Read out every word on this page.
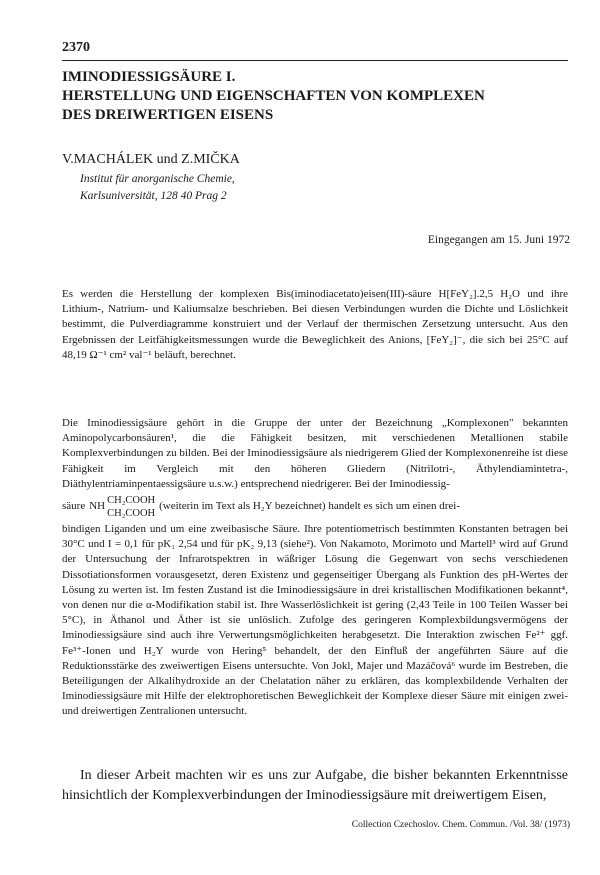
2370
IMINODIESSIGSÄURE I.
HERSTELLUNG UND EIGENSCHAFTEN VON KOMPLEXEN
DES DREIWERTIGEN EISENS
V.MACHÁLEK und Z.MIČKA
Institut für anorganische Chemie,
Karlsuniversität, 128 40 Prag 2
Eingegangen am 15. Juni 1972
Es werden die Herstellung der komplexen Bis(iminodiacetato)eisen(III)-säure H[FeY₂].2,5 H₂O und ihre Lithium-, Natrium- und Kaliumsalze beschrieben. Bei diesen Verbindungen wurden die Dichte und Löslichkeit bestimmt, die Pulverdiagramme konstruiert und der Verlauf der thermischen Zersetzung untersucht. Aus den Ergebnissen der Leitfähigkeitsmessungen wurde die Beweglichkeit des Anions, [FeY₂]⁻, die sich bei 25°C auf 48,19 Ω⁻¹ cm² val⁻¹ beläuft, berechnet.

Die Iminodiessigsäure gehört in die Gruppe der unter der Bezeichnung „Komplexonen" bekannten Aminopolycarbonsäuren¹, die die Fähigkeit besitzen, mit verschiedenen Metallionen stabile Komplexverbindungen zu bilden. Bei der Iminodiessigsäure als niedrigerem Glied der Komplexonenreihe ist diese Fähigkeit im Vergleich mit den höheren Gliedern (Nitrilotri-, Äthylendiamintetra-, Diäthylentriaminpentaessigsäure u.s.w.) entsprechend niedrigerer. Bei der Iminodiessig-

säure NH CH₂COOH
CH₂COOH
(weiterin im Text als H₂Y bezeichnet) handelt es sich um einen drei-

bindigen Liganden und um eine zweibasische Säure. Ihre potentiometrisch bestimmten Konstanten betragen bei 30°C und I = 0,1 für pK₁ 2,54 und für pK₂ 9,13 (siehe²). Von Nakamoto, Morimoto und Martell³ wird auf Grund der Untersuchung der Infrarotspektren in wäßriger Lösung die Gegenwart von sechs verschiedenen Dissotiationsformen vorausgesetzt, deren Existenz und gegenseitiger Übergang als Funktion des pH-Wertes der Lösung zu werten ist. Im festen Zustand ist die Iminodiessigsäure in drei kristallischen Modifikationen bekannt⁴, von denen nur die α-Modifikation stabil ist. Ihre Wasserlöslichkeit ist gering (2,43 Teile in 100 Teilen Wasser bei 5°C), in Äthanol und Äther ist sie unlöslich. Zufolge des geringeren Komplexbildungsvermögens der Iminodiessigsäure sind auch ihre Verwertungsmöglichkeiten herabgesetzt. Die Interaktion zwischen Fe²⁺ ggf. Fe³⁺-Ionen und H₂Y wurde von Hering⁵ behandelt, der den Einfluß der angeführten Säure auf die Reduktionsstärke des zweiwertigen Eisens untersuchte. Von Jokl, Majer und Mazáčová⁶ wurde im Bestreben, die Beteiligungen der Alkalihydroxide an der Chelatation näher zu erklären, das komplexbildende Verhalten der Iminodiessigsäure mit Hilfe der elektrophoretischen Beweglichkeit der Komplexe dieser Säure mit einigen zwei- und dreiwertigen Zentralionen untersucht.

In dieser Arbeit machten wir es uns zur Aufgabe, die bisher bekannten Erkenntnisse hinsichtlich der Komplexverbindungen der Iminodiessigsäure mit dreiwertigem Eisen,
Collection Czechoslov. Chem. Commun. /Vol. 38/ (1973)
